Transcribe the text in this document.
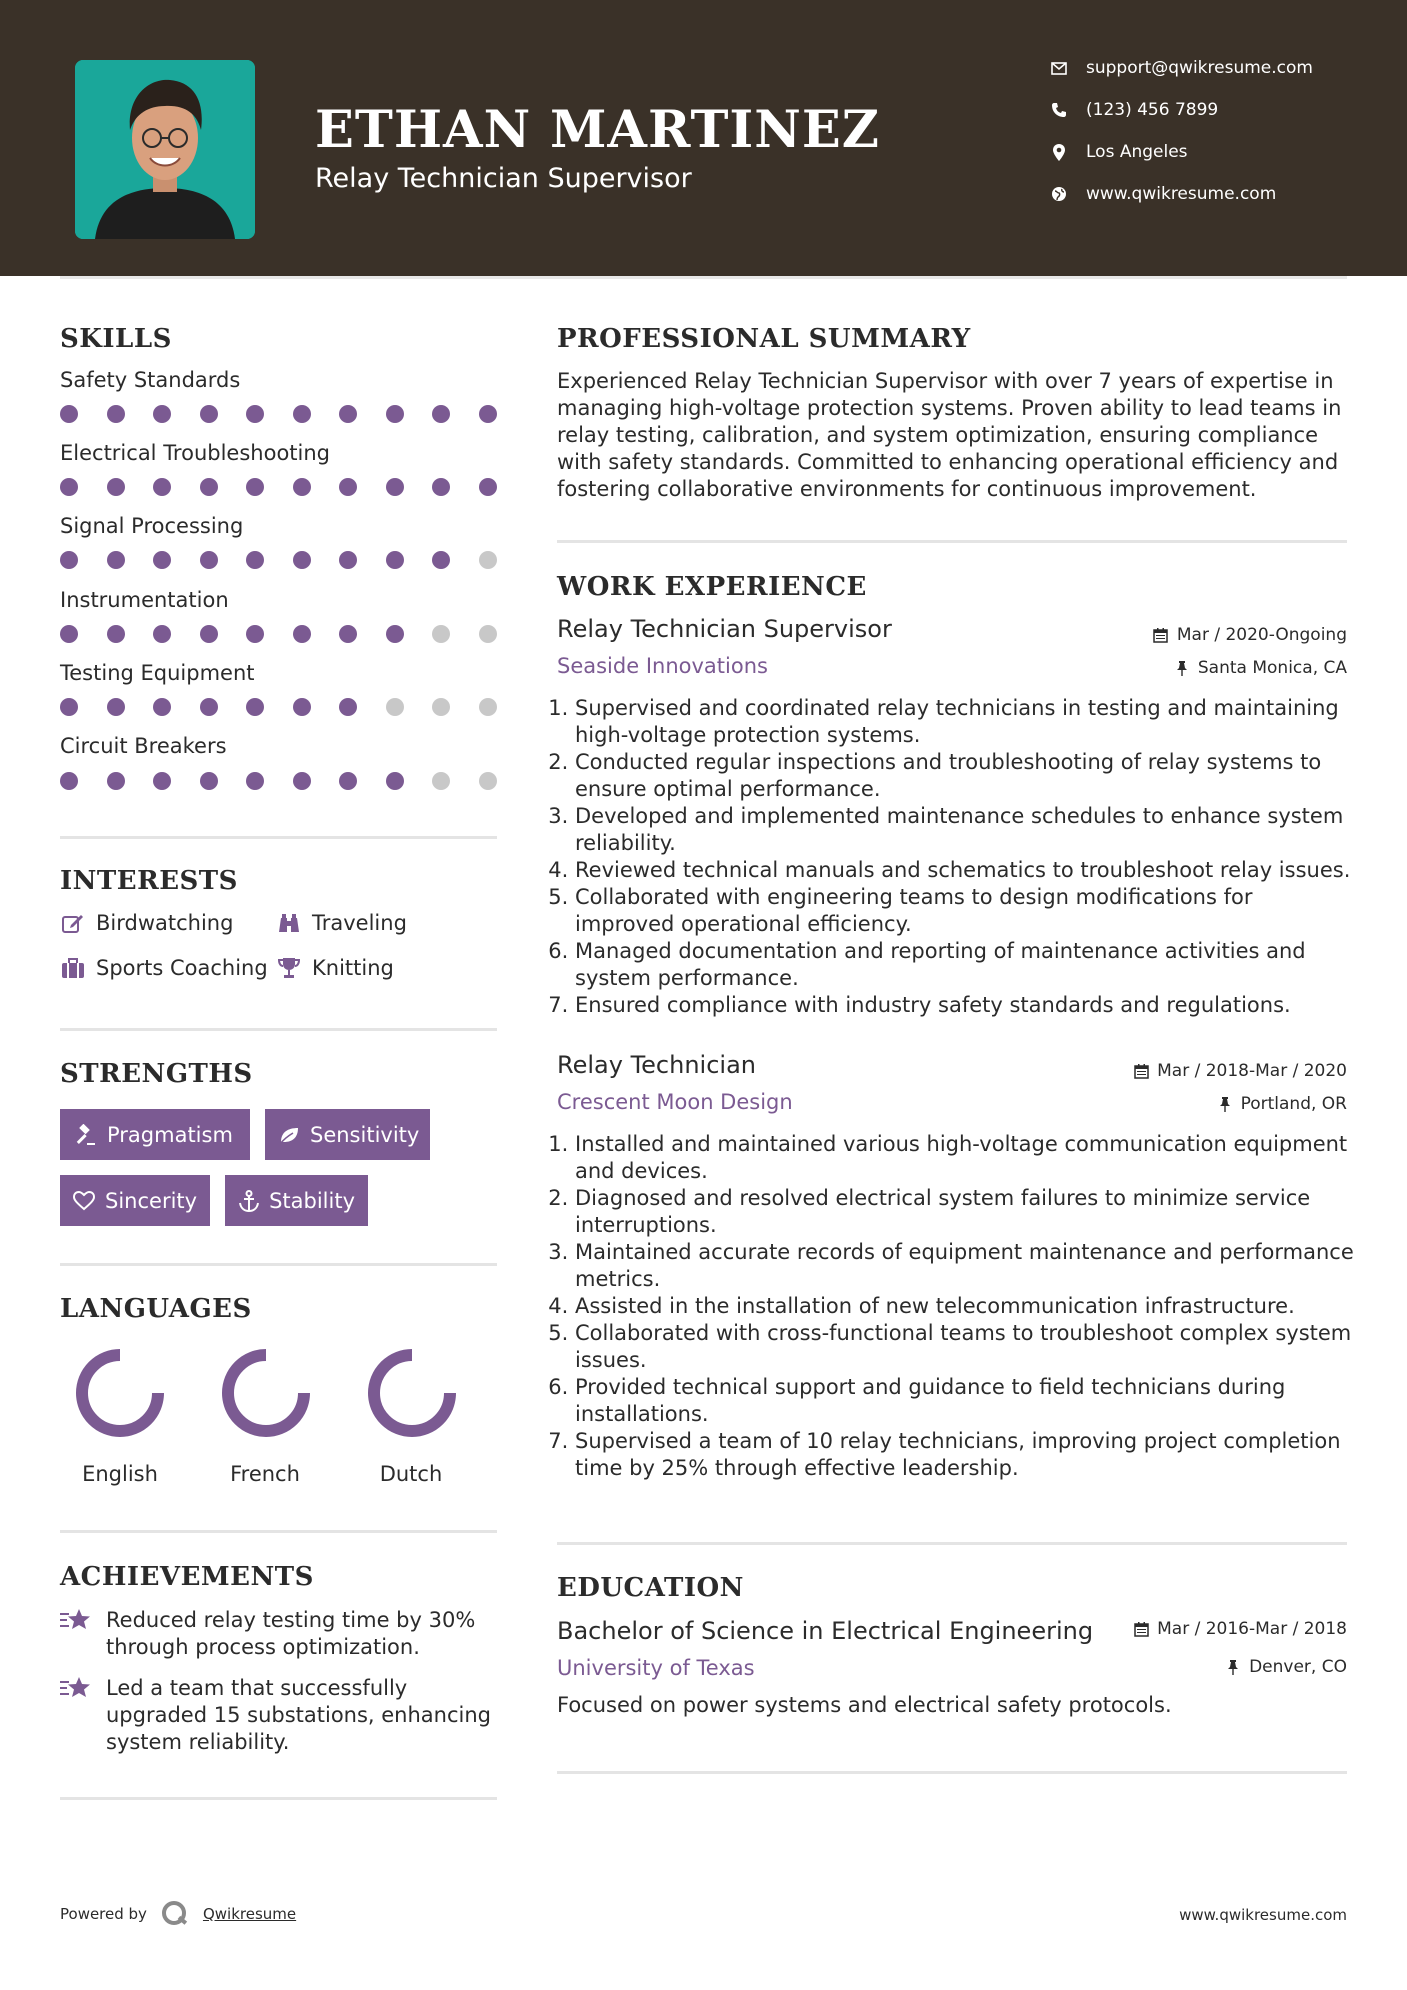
ETHAN MARTINEZ
Relay Technician Supervisor
support@qwikresume.com
(123) 456 7899
Los Angeles
www.qwikresume.com
SKILLS
Safety Standards
Electrical Troubleshooting
Signal Processing
Instrumentation
Testing Equipment
Circuit Breakers
INTERESTS
Birdwatching	Traveling
Sports Coaching Knitting
STRENGTHS
Pragmatism	Sensitivity
Sincerity	Stability
LANGUAGES
English	French	Dutch
ACHIEVEMENTS
Reduced relay testing time by 30% through process optimization.
Led a team that successfully upgraded 15 substations, enhancing system reliability.
PROFESSIONAL SUMMARY
Experienced Relay Technician Supervisor with over 7 years of expertise in managing high-voltage protection systems. Proven ability to lead teams in relay testing, calibration, and system optimization, ensuring compliance with safety standards. Committed to enhancing operational efficiency and fostering collaborative environments for continuous improvement.
WORK EXPERIENCE
Relay Technician Supervisor	Mar / 2020-Ongoing
Seaside Innovations	Santa Monica, CA
1. Supervised and coordinated relay technicians in testing and maintaining high-voltage protection systems.
2. Conducted regular inspections and troubleshooting of relay systems to ensure optimal performance.
3. Developed and implemented maintenance schedules to enhance system reliability.
4. Reviewed technical manuals and schematics to troubleshoot relay issues.
5. Collaborated with engineering teams to design modifications for improved operational efficiency.
6. Managed documentation and reporting of maintenance activities and system performance.
7. Ensured compliance with industry safety standards and regulations.
Relay Technician	Mar / 2018-Mar / 2020
Crescent Moon Design	Portland, OR
1. Installed and maintained various high-voltage communication equipment and devices.
2. Diagnosed and resolved electrical system failures to minimize service interruptions.
3. Maintained accurate records of equipment maintenance and performance metrics.
4. Assisted in the installation of new telecommunication infrastructure.
5. Collaborated with cross-functional teams to troubleshoot complex system issues.
6. Provided technical support and guidance to field technicians during installations.
7. Supervised a team of 10 relay technicians, improving project completion time by 25% through effective leadership.
EDUCATION
Bachelor of Science in Electrical Engineering	Mar / 2016-Mar / 2018
University of Texas	Denver, CO
Focused on power systems and electrical safety protocols.
Powered by	Qwikresume	www.qwikresume.com
